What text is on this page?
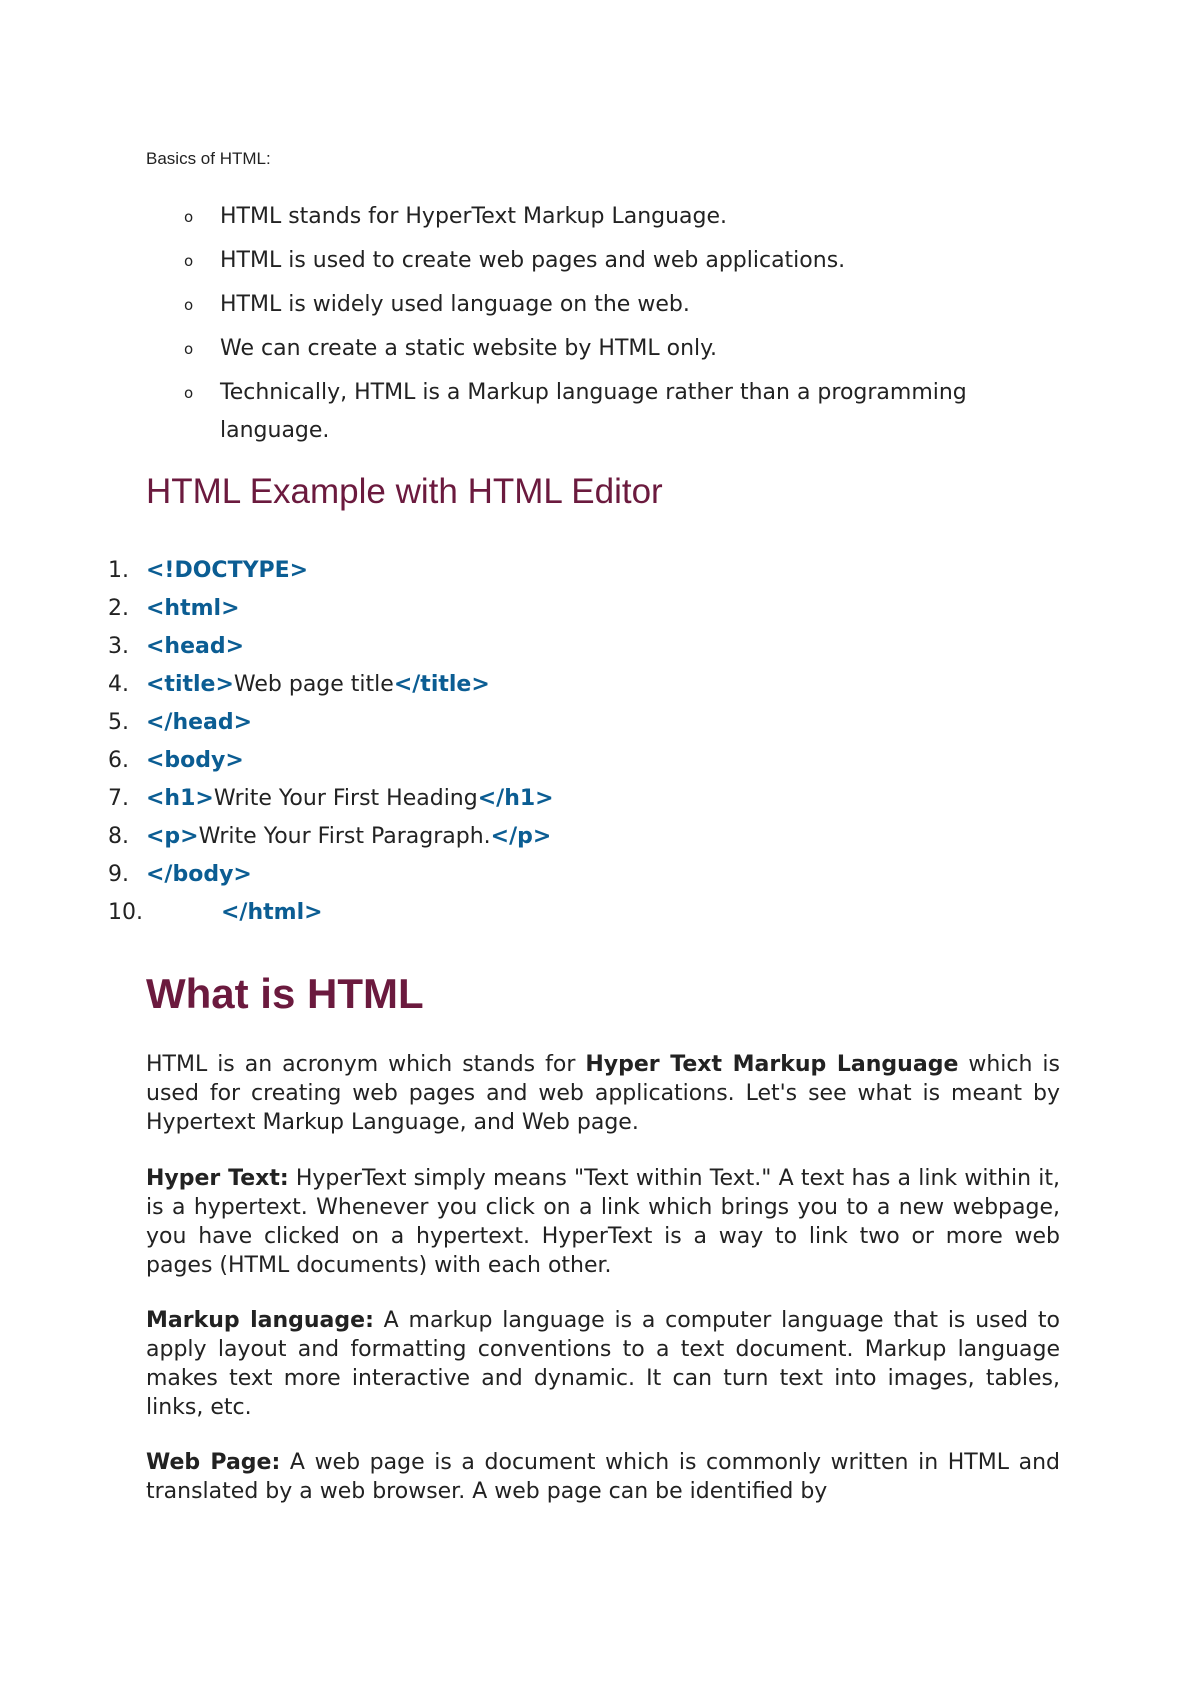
Basics of HTML:
o HTML stands for HyperText Markup Language.
o HTML is used to create web pages and web applications.
o HTML is widely used language on the web.
o We can create a static website by HTML only.
o Technically, HTML is a Markup language rather than a programming language.
HTML Example with HTML Editor
1. <!DOCTYPE>
2. <html>
3. <head>
4. <title>Web page title</title>
5. </head>
6. <body>
7. <h1>Write Your First Heading</h1>
8. <p>Write Your First Paragraph.</p>
9. </body>
10.	</html>
What is HTML

HTML is an acronym which stands for Hyper Text Markup Language which is used for creating web pages and web applications. Let's see what is meant by Hypertext Markup Language, and Web page.

Hyper Text: HyperText simply means "Text within Text." A text has a link within it, is a hypertext. Whenever you click on a link which brings you to a new webpage, you have clicked on a hypertext. HyperText is a way to link two or more web pages (HTML documents) with each other.

Markup language: A markup language is a computer language that is used to apply layout and formatting conventions to a text document. Markup language makes text more interactive and dynamic. It can turn text into images, tables, links, etc.

Web Page: A web page is a document which is commonly written in HTML and translated by a web browser. A web page can be identified by
